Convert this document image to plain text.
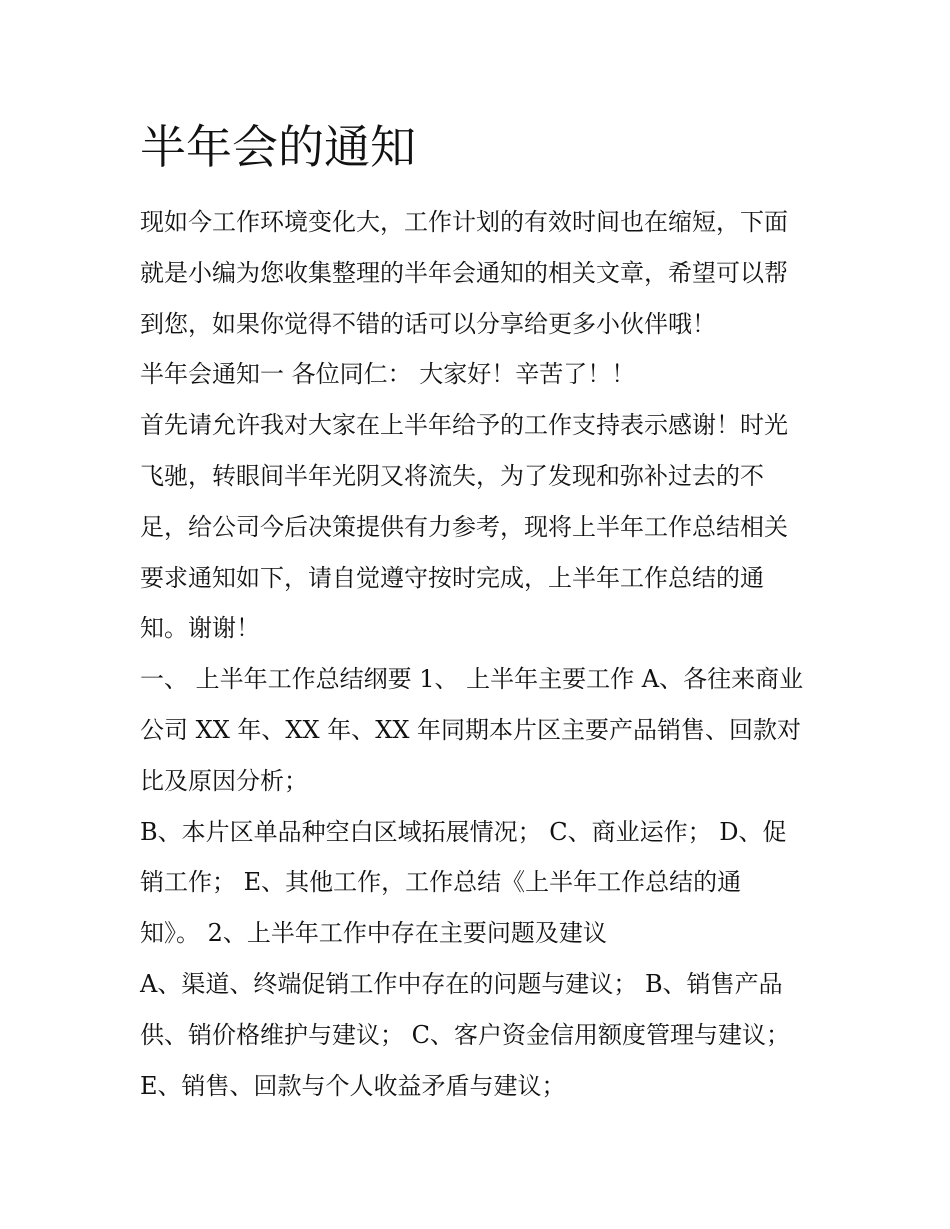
半年会的通知

现如今工作环境变化大，工作计划的有效时间也在缩短，下面
就是小编为您收集整理的半年会通知的相关文章，希望可以帮
到您，如果你觉得不错的话可以分享给更多小伙伴哦！

半年会通知一 各位同仁： 大家好！辛苦了！！

首先请允许我对大家在上半年给予的工作支持表示感谢！时光
飞驰，转眼间半年光阴又将流失，为了发现和弥补过去的不
足，给公司今后决策提供有力参考，现将上半年工作总结相关
要求通知如下，请自觉遵守按时完成，上半年工作总结的通
知。谢谢！

一、 上半年工作总结纲要 1、 上半年主要工作 A、各往来商业
公司 XX 年、XX 年、XX 年同期本片区主要产品销售、回款对
比及原因分析；

B、本片区单品种空白区域拓展情况； C、商业运作； D、促
销工作； E、其他工作，工作总结《上半年工作总结的通
知》。 2、上半年工作中存在主要问题及建议

A、渠道、终端促销工作中存在的问题与建议； B、销售产品
供、销价格维护与建议； C、客户资金信用额度管理与建议；
E、销售、回款与个人收益矛盾与建议；
